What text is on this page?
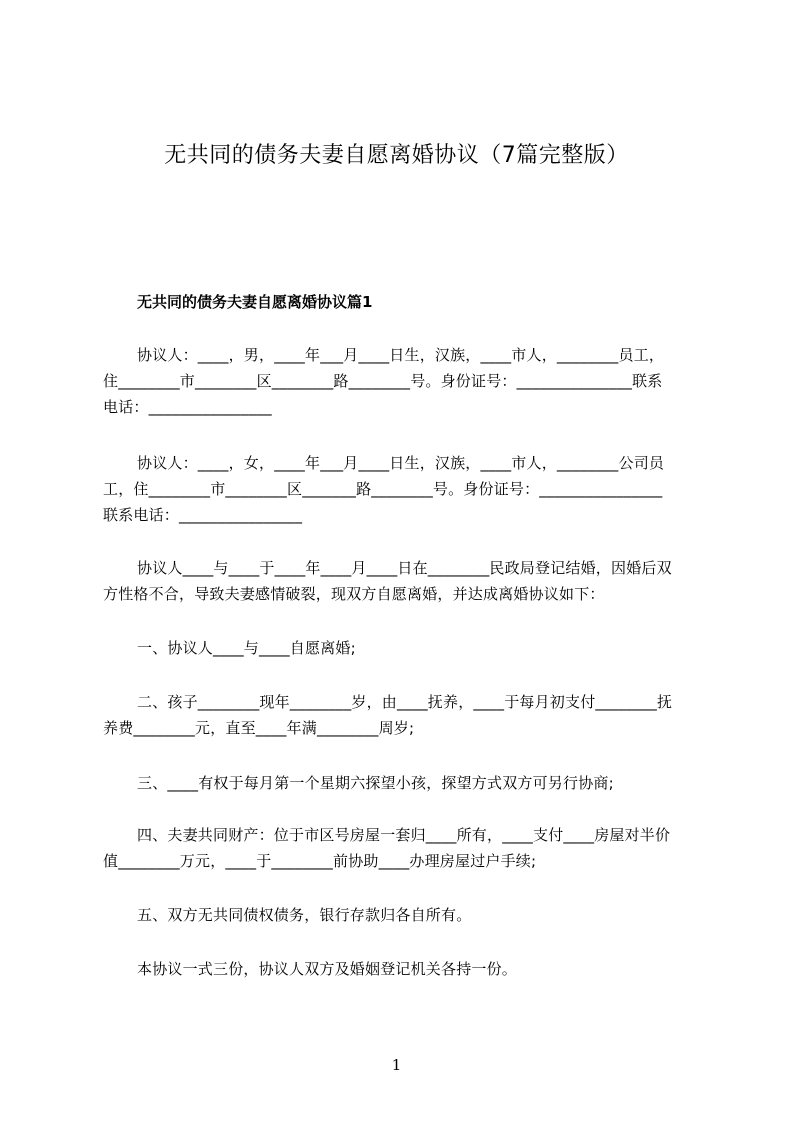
无共同的债务夫妻自愿离婚协议（7篇完整版）
无共同的债务夫妻自愿离婚协议篇1
协议人：____，男，____年___月____日生，汉族，____市人，________员工，
住________市________区________路________号。身份证号：_______________联系
电话：________________
协议人：____，女，____年___月____日生，汉族，____市人，________公司员
工，住________市________区_______路________号。身份证号：________________
联系电话：________________
协议人____与____于____年____月____日在________民政局登记结婚，因婚后双
方性格不合，导致夫妻感情破裂，现双方自愿离婚，并达成离婚协议如下：
一、协议人____与____自愿离婚;
二、孩子________现年________岁，由____抚养，____于每月初支付________抚
养费________元，直至____年满________周岁;
三、____有权于每月第一个星期六探望小孩，探望方式双方可另行协商;
四、夫妻共同财产：位于市区号房屋一套归____所有，____支付____房屋对半价
值________万元，____于________前协助____办理房屋过户手续;
五、双方无共同债权债务，银行存款归各自所有。
本协议一式三份，协议人双方及婚姻登记机关各持一份。
1
